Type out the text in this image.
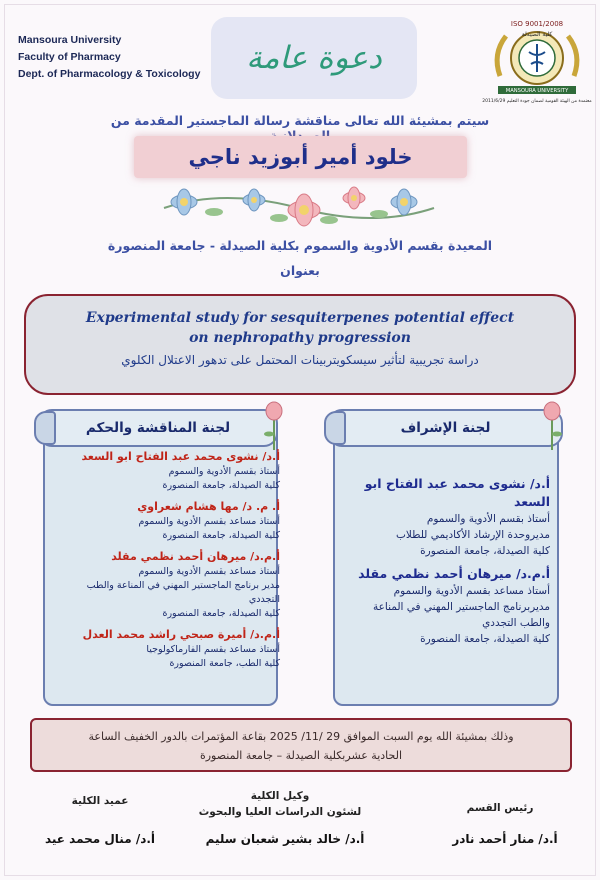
Mansoura University
Faculty of Pharmacy
Dept. of Pharmacology & Toxicology دعوة عامة
ISO 9001/2008
كلية الصيدلة
MANSOURA UNIVERSITY
معتمدة من الهيئة القومية لضمان جودة التعليم 2011/6/29
سيتم بمشيئة الله تعالى مناقشة رسالة الماجستير المقدمة من
خلود أمير أبوزيد ناجي
المعيدة بقسم الأدوية والسموم بكلية الصيدلة - جامعة المنصورة
بعنوان
Experimental study for sesquiterpenes potential effect on nephropathy progression
دراسة تجريبية لتأثير سيسكويتربينات المحتمل على تدهور الاعتلال الكلوي
لجنة المناقشة والحكم
أ.د/ نشوى محمد عبد الفتاح ابو السعد
أستاذ بقسم الأدوية والسموم
كلية الصيدلة، جامعة المنصورة
أ. م. د/ مها هشام شعراوي
أستاذ مساعد بقسم الأدوية والسموم
كلية الصيدلة، جامعة المنصورة
أ.م.د/ ميرهان أحمد نظمي مقلد
أستاذ مساعد بقسم الأدوية والسموم
مدير برنامج الماجستير المهني في المناعة والطب التجددي
كلية الصيدلة، جامعة المنصورة
أ.م.د/ أميرة صبحي راشد محمد العدل
أستاذ مساعد بقسم الفارماكولوجيا
كلية الطب، جامعة المنصورة
لجنة الإشراف
أ.د/ نشوى محمد عبد الفتاح ابو السعد
أستاذ بقسم الأدوية والسموم
مديروحدة الإرشاد الأكاديمي للطلاب
كلية الصيدلة، جامعة المنصورة
أ.م.د/ ميرهان أحمد نظمي مقلد
أستاذ مساعد بقسم الأدوية والسموم
مديربرنامج الماجستير المهني في المناعة والطب التجددي
كلية الصيدلة، جامعة المنصورة
وذلك بمشيئة الله يوم السبت الموافق 29 /11/ 2025 بقاعة المؤتمرات بالدور الخفيف الساعة
الحادية عشربكلية الصيدلة – جامعة المنصورة
رئيس القسم
وكيل الكلية
لشئون الدراسات العليا والبحوث
عميد الكلية
أ.د/ منار أحمد نادر
أ.د/ خالد بشير شعبان سليم
أ.د/ منال محمد عيد
